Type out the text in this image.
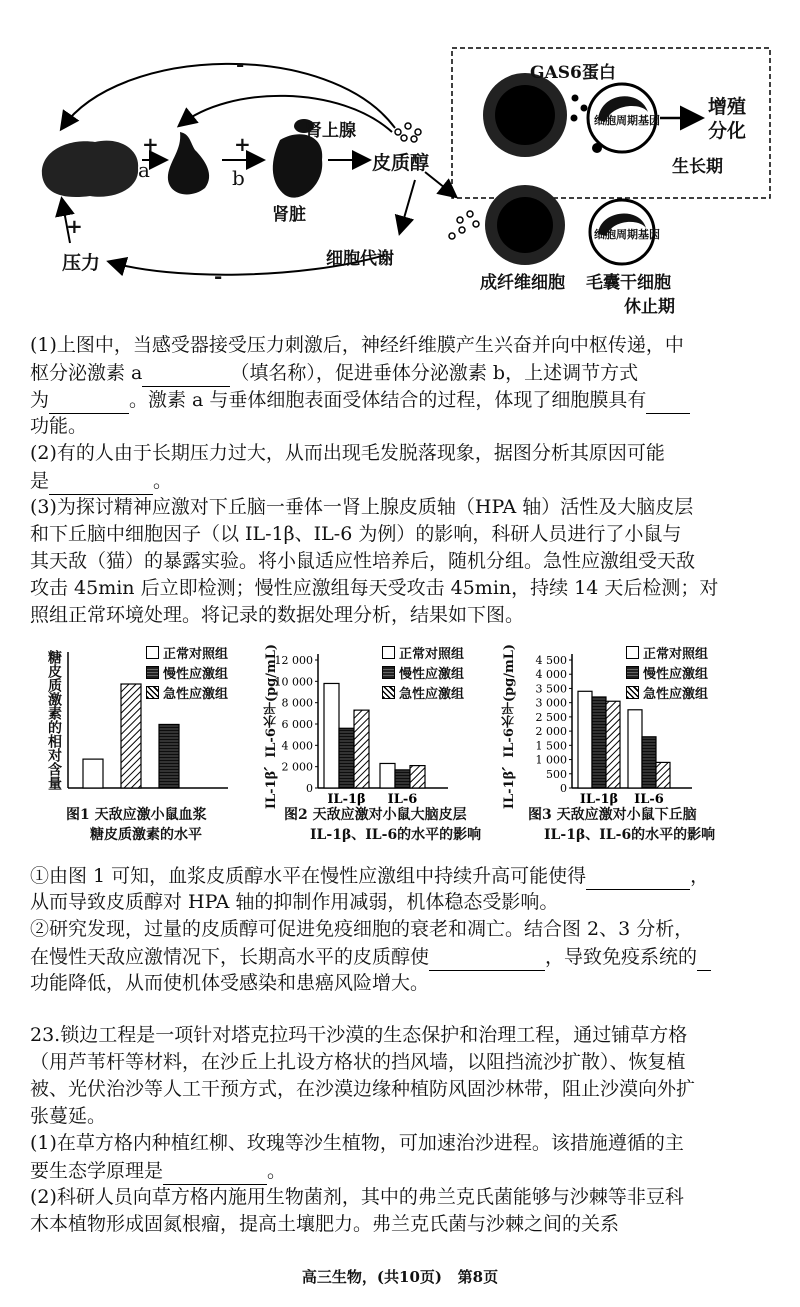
肾上腺
肾脏
皮质醇
细胞代谢
压力
a	b
+	+
+
-
-	GAS6蛋白
增殖
分化
生长期
细胞周期基因
细胞周期基因
成纤维细胞 毛囊干细胞
休止期
(1)上图中，当感受器接受压力刺激后，神经纤维膜产生兴奋并向中枢传递，中
枢分泌激素 a	（填名称），促进垂体分泌激素 b，上述调节方式
为	。激素 a 与垂体细胞表面受体结合的过程，体现了细胞膜具有
功能。
(2)有的人由于长期压力过大，从而出现毛发脱落现象，据图分析其原因可能
是	。
(3)为探讨精神应激对下丘脑一垂体一肾上腺皮质轴（HPA 轴）活性及大脑皮层
和下丘脑中细胞因子（以 IL-1β、IL-6 为例）的影响，科研人员进行了小鼠与
其天敌（猫）的暴露实验。将小鼠适应性培养后，随机分组。急性应激组受天敌
攻击 45min 后立即检测；慢性应激组每天受攻击 45min，持续 14 天后检测；对
照组正常环境处理。将记录的数据处理分析，结果如下图。
图1 天敌应激小鼠血浆
糖皮质激素的水平
糖皮质激素的相对含量	正常对照组
慢性应激组
急性应激组
0
2 000
4 000
6 000
8 000
10 000
12 000
IL-1β IL-6
图2 天敌应激对小鼠大脑皮层
IL-1β、IL-6的水平的影响
IL-1β、IL-6水平(pg/mL)	正常对照组
慢性应激组
急性应激组
0
500
1 000
1 500
2 000
2 500
3 000
3 500
4 000
4 500
IL-1β IL-6
图3 天敌应激对小鼠下丘脑
IL-1β、IL-6的水平的影响
IL-1β、IL-6水平(pg/mL)	正常对照组
慢性应激组
急性应激组
①由图 1 可知，血浆皮质醇水平在慢性应激组中持续升高可能使得	，
从而导致皮质醇对 HPA 轴的抑制作用减弱，机体稳态受影响。
②研究发现，过量的皮质醇可促进免疫细胞的衰老和凋亡。结合图 2、3 分析，
在慢性天敌应激情况下，长期高水平的皮质醇使	，导致免疫系统的
功能降低，从而使机体受感染和患癌风险增大。
23.锁边工程是一项针对塔克拉玛干沙漠的生态保护和治理工程，通过铺草方格
（用芦苇杆等材料，在沙丘上扎设方格状的挡风墙，以阻挡流沙扩散）、恢复植
被、光伏治沙等人工干预方式，在沙漠边缘种植防风固沙林带，阻止沙漠向外扩
张蔓延。
(1)在草方格内种植红柳、玫瑰等沙生植物，可加速治沙进程。该措施遵循的主
要生态学原理是	。
(2)科研人员向草方格内施用生物菌剂，其中的弗兰克氏菌能够与沙棘等非豆科
木本植物形成固氮根瘤，提高土壤肥力。弗兰克氏菌与沙棘之间的关系
高三生物，(共10页)   第8页
